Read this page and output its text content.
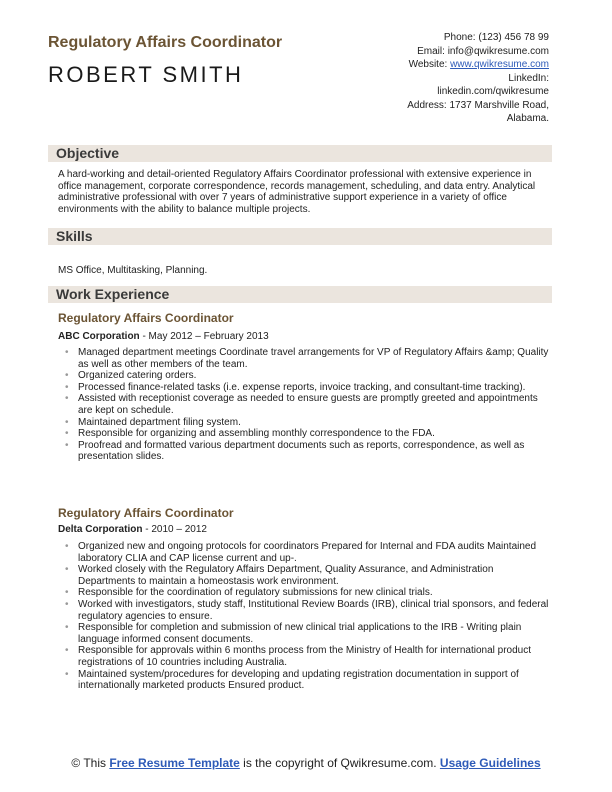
Regulatory Affairs Coordinator
ROBERT SMITH
Phone: (123) 456 78 99
Email: info@qwikresume.com
Website: www.qwikresume.com
LinkedIn:
linkedin.com/qwikresume
Address: 1737 Marshville Road,
Alabama.
Objective
A hard-working and detail-oriented Regulatory Affairs Coordinator professional with extensive experience in office management, corporate correspondence, records management, scheduling, and data entry. Analytical administrative professional with over 7 years of administrative support experience in a variety of office environments with the ability to balance multiple projects.
Skills
MS Office, Multitasking, Planning.
Work Experience
Regulatory Affairs Coordinator
ABC Corporation - May 2012 – February 2013
• Managed department meetings Coordinate travel arrangements for VP of Regulatory Affairs &amp; Quality as well as other members of the team.
• Organized catering orders.
• Processed finance-related tasks (i.e. expense reports, invoice tracking, and consultant-time tracking).
• Assisted with receptionist coverage as needed to ensure guests are promptly greeted and appointments are kept on schedule.
• Maintained department filing system.
• Responsible for organizing and assembling monthly correspondence to the FDA.
• Proofread and formatted various department documents such as reports, correspondence, as well as presentation slides.
Regulatory Affairs Coordinator
Delta Corporation - 2010 – 2012
• Organized new and ongoing protocols for coordinators Prepared for Internal and FDA audits Maintained laboratory CLIA and CAP license current and up-.
• Worked closely with the Regulatory Affairs Department, Quality Assurance, and Administration Departments to maintain a homeostasis work environment.
• Responsible for the coordination of regulatory submissions for new clinical trials.
• Worked with investigators, study staff, Institutional Review Boards (IRB), clinical trial sponsors, and federal regulatory agencies to ensure.
• Responsible for completion and submission of new clinical trial applications to the IRB - Writing plain language informed consent documents.
• Responsible for approvals within 6 months process from the Ministry of Health for international product registrations of 10 countries including Australia.
• Maintained system/procedures for developing and updating registration documentation in support of internationally marketed products Ensured product.
© This Free Resume Template is the copyright of Qwikresume.com. Usage Guidelines
